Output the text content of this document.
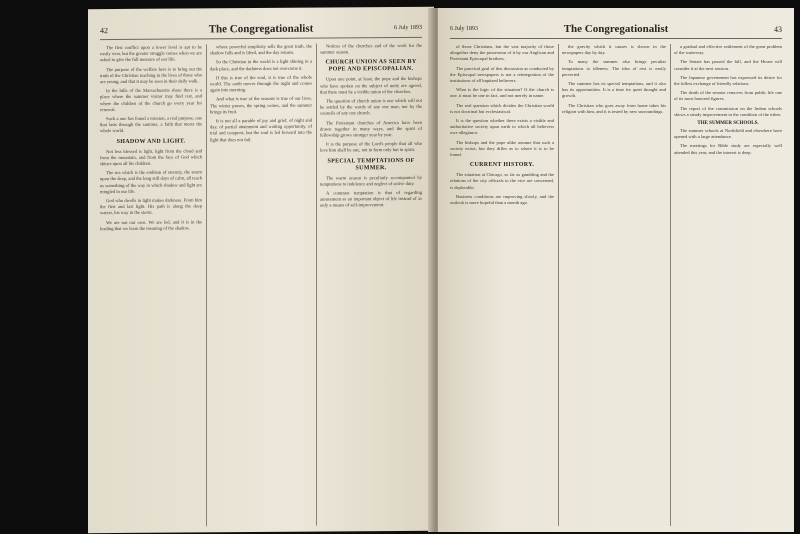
42	The Congregationalist	6 July 1893

The first conflict upon a lower level is apt to be easily won, but the greater struggle comes when we are asked to give the full measure of our life.

The purpose of the welfare here is to bring out the truth of the Christian teaching in the lives of those who are young, and that it may be seen in their daily walk.

In the hills of the Massachusetts shore there is a place where the summer visitor may find rest, and where the children of the church go every year for renewal.

Such a one has found a mission, a real purpose, one that lasts through the summer, a faith that meets the whole world.

SHADOW AND LIGHT.

Not less blessed is light, light from the cloud and from the mountain, and from the face of God which shines upon all his children.

The sea which is the emblem of eternity, the storm upon the deep, and the long still days of calm, all teach us something of the way in which shadow and light are mingled in our life.

God who dwells in light makes darkness. From him the first and last light. His path is along the deep waters, his way in the storm.

We are not our own. We are led, and it is in the leading that we learn the meaning of the shadow.

whose powerful simplicity tells the great truth, the shadow falls and is lifted, and the day returns.

So the Christian in the world is a light shining in a dark place, and the darkness does not overcome it.

If this is true of the soul, it is true of the whole world. The earth moves through the night and comes again into morning.

And what is true of the seasons is true of our lives. The winter passes, the spring comes, and the summer brings its fruit.

It is not all a parable of joy and grief, of night and day, of partial attainment and waiting opportunity, of trial and conquest, but the soul is led forward into the light that does not fail.

Notices of the churches and of the work for the summer season.

CHURCH UNION AS SEEN BY POPE AND EPISCOPALIAN.

Upon one point, at least, the pope and the bishops who have spoken on the subject of unity are agreed, that there must be a visible union of the churches.

The question of church union is one which will not be settled by the words of any one man, nor by the councils of any one church.

The Protestant churches of America have been drawn together in many ways, and the spirit of fellowship grows stronger year by year.

It is the purpose of the Lord's people that all who love him shall be one, not in form only but in spirit.

SPECIAL TEMPTATIONS OF SUMMER.

The warm season is peculiarly accompanied by temptations to indolence and neglect of active duty.

A common temptation is that of regarding amusement as an important object of life instead of as only a means of self-improvement.

6 July 1893	The Congregationalist	43

of those Christians, but the vast majority of those altogether deny the possession of it by our Anglican and Protestant Episcopal brothers.

The practical goal of this discussion as conducted by the Episcopal newspapers is not a reintegration of the institutions of all baptized believers.

What is the logic of the situation? If the church is one, it must be one in fact, and not merely in name.

The real question which divides the Christian world is not doctrinal but ecclesiastical.

It is the question whether there exists a visible and authoritative society upon earth to which all believers owe allegiance.

The bishops and the pope alike assume that such a society exists, but they differ as to where it is to be found.

CURRENT HISTORY.

The situation at Chicago, so far as gambling and the relations of the city officials to the vice are concerned, is deplorable.

Business conditions are improving slowly, and the outlook is more hopeful than a month ago.

the gravity which it causes is shown in the newspapers day by day.

To many the summer also brings peculiar temptations to idleness. The idea of rest is easily perverted.

The summer has its special temptations, and it also has its opportunities. It is a time for quiet thought and growth.

The Christian who goes away from home takes his religion with him, and it is tested by new surroundings.

a gradual and effective settlement of the great problem of the waterway.

The Senate has passed the bill, and the House will consider it at the next session.

The Japanese government has expressed its desire for the fullest exchange of friendly relations.

The death of the senator removes from public life one of its most honored figures.

The report of the commission on the Indian schools shows a steady improvement in the condition of the tribes.

THE SUMMER SCHOOLS.

The summer schools at Northfield and elsewhere have opened with a large attendance.

The meetings for Bible study are especially well attended this year, and the interest is deep.
